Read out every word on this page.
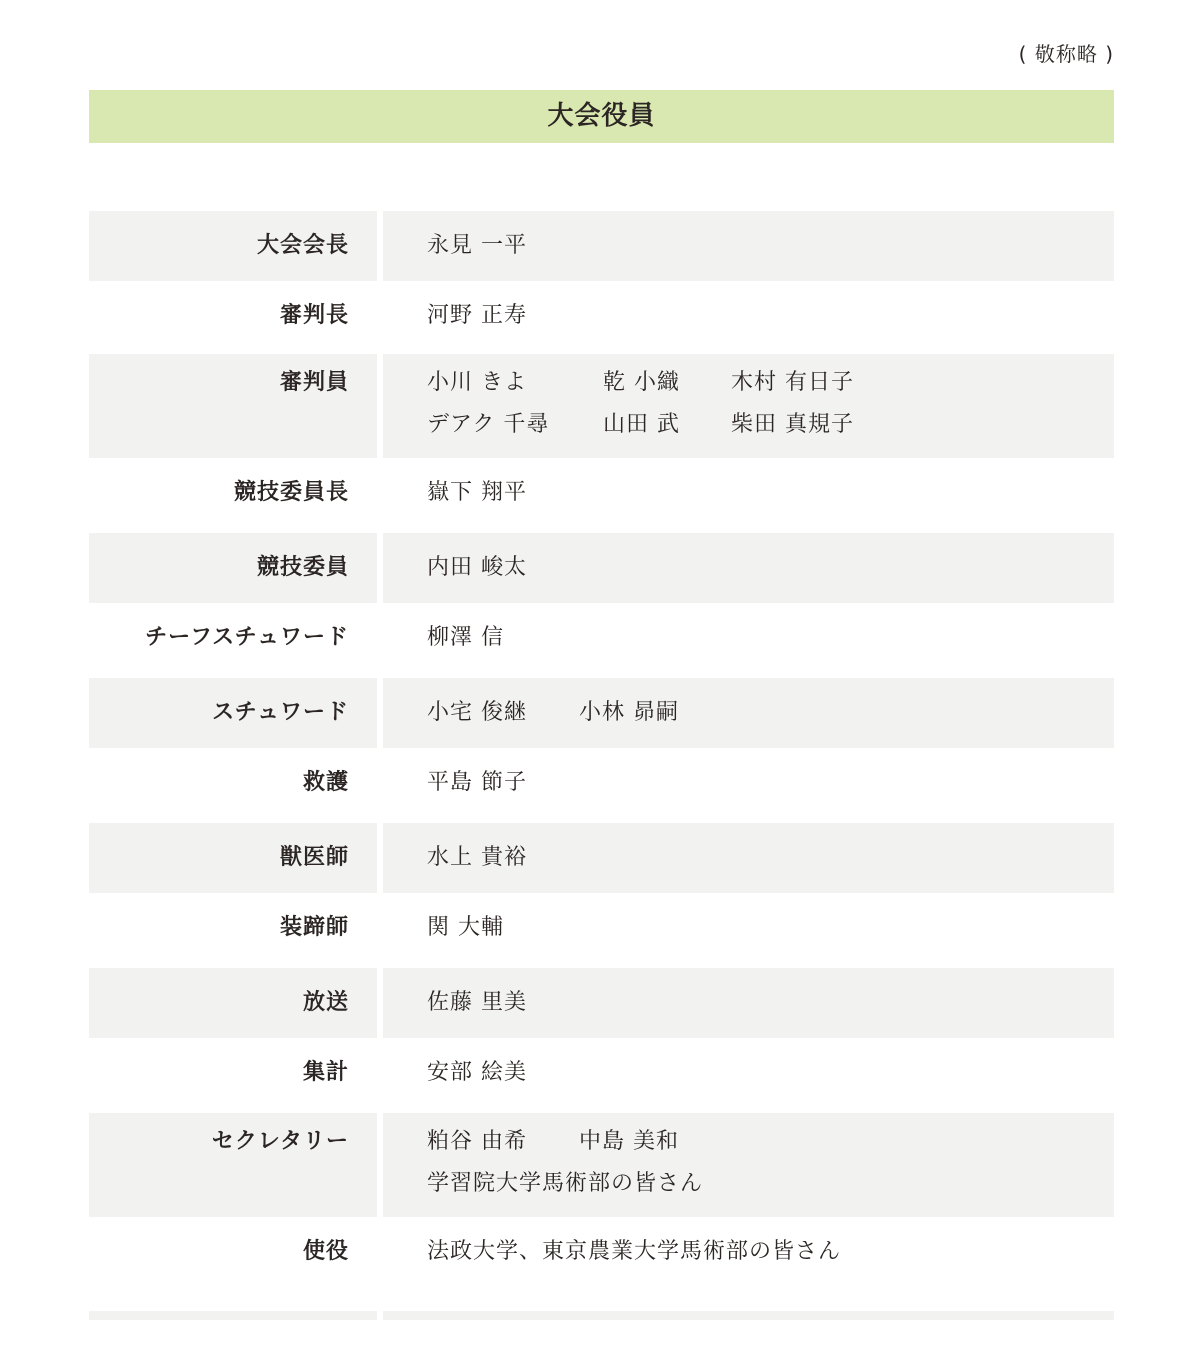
( 敬称略 )
大会役員
大会会長		永見 一平

審判長		河野 正寿

審判員		小川 きよ 乾 小織 木村 有日子
デアク 千尋 山田 武 柴田 真規子

競技委員長		嶽下 翔平

競技委員		内田 峻太

チーフスチュワード		柳澤 信

スチュワード		小宅 俊継 小林 昴嗣

救護		平島 節子

獣医師		水上 貴裕

装蹄師		関 大輔

放送		佐藤 里美

集計		安部 絵美

セクレタリー		粕谷 由希 中島 美和
学習院大学馬術部の皆さん

使役		法政大学、東京農業大学馬術部の皆さん
